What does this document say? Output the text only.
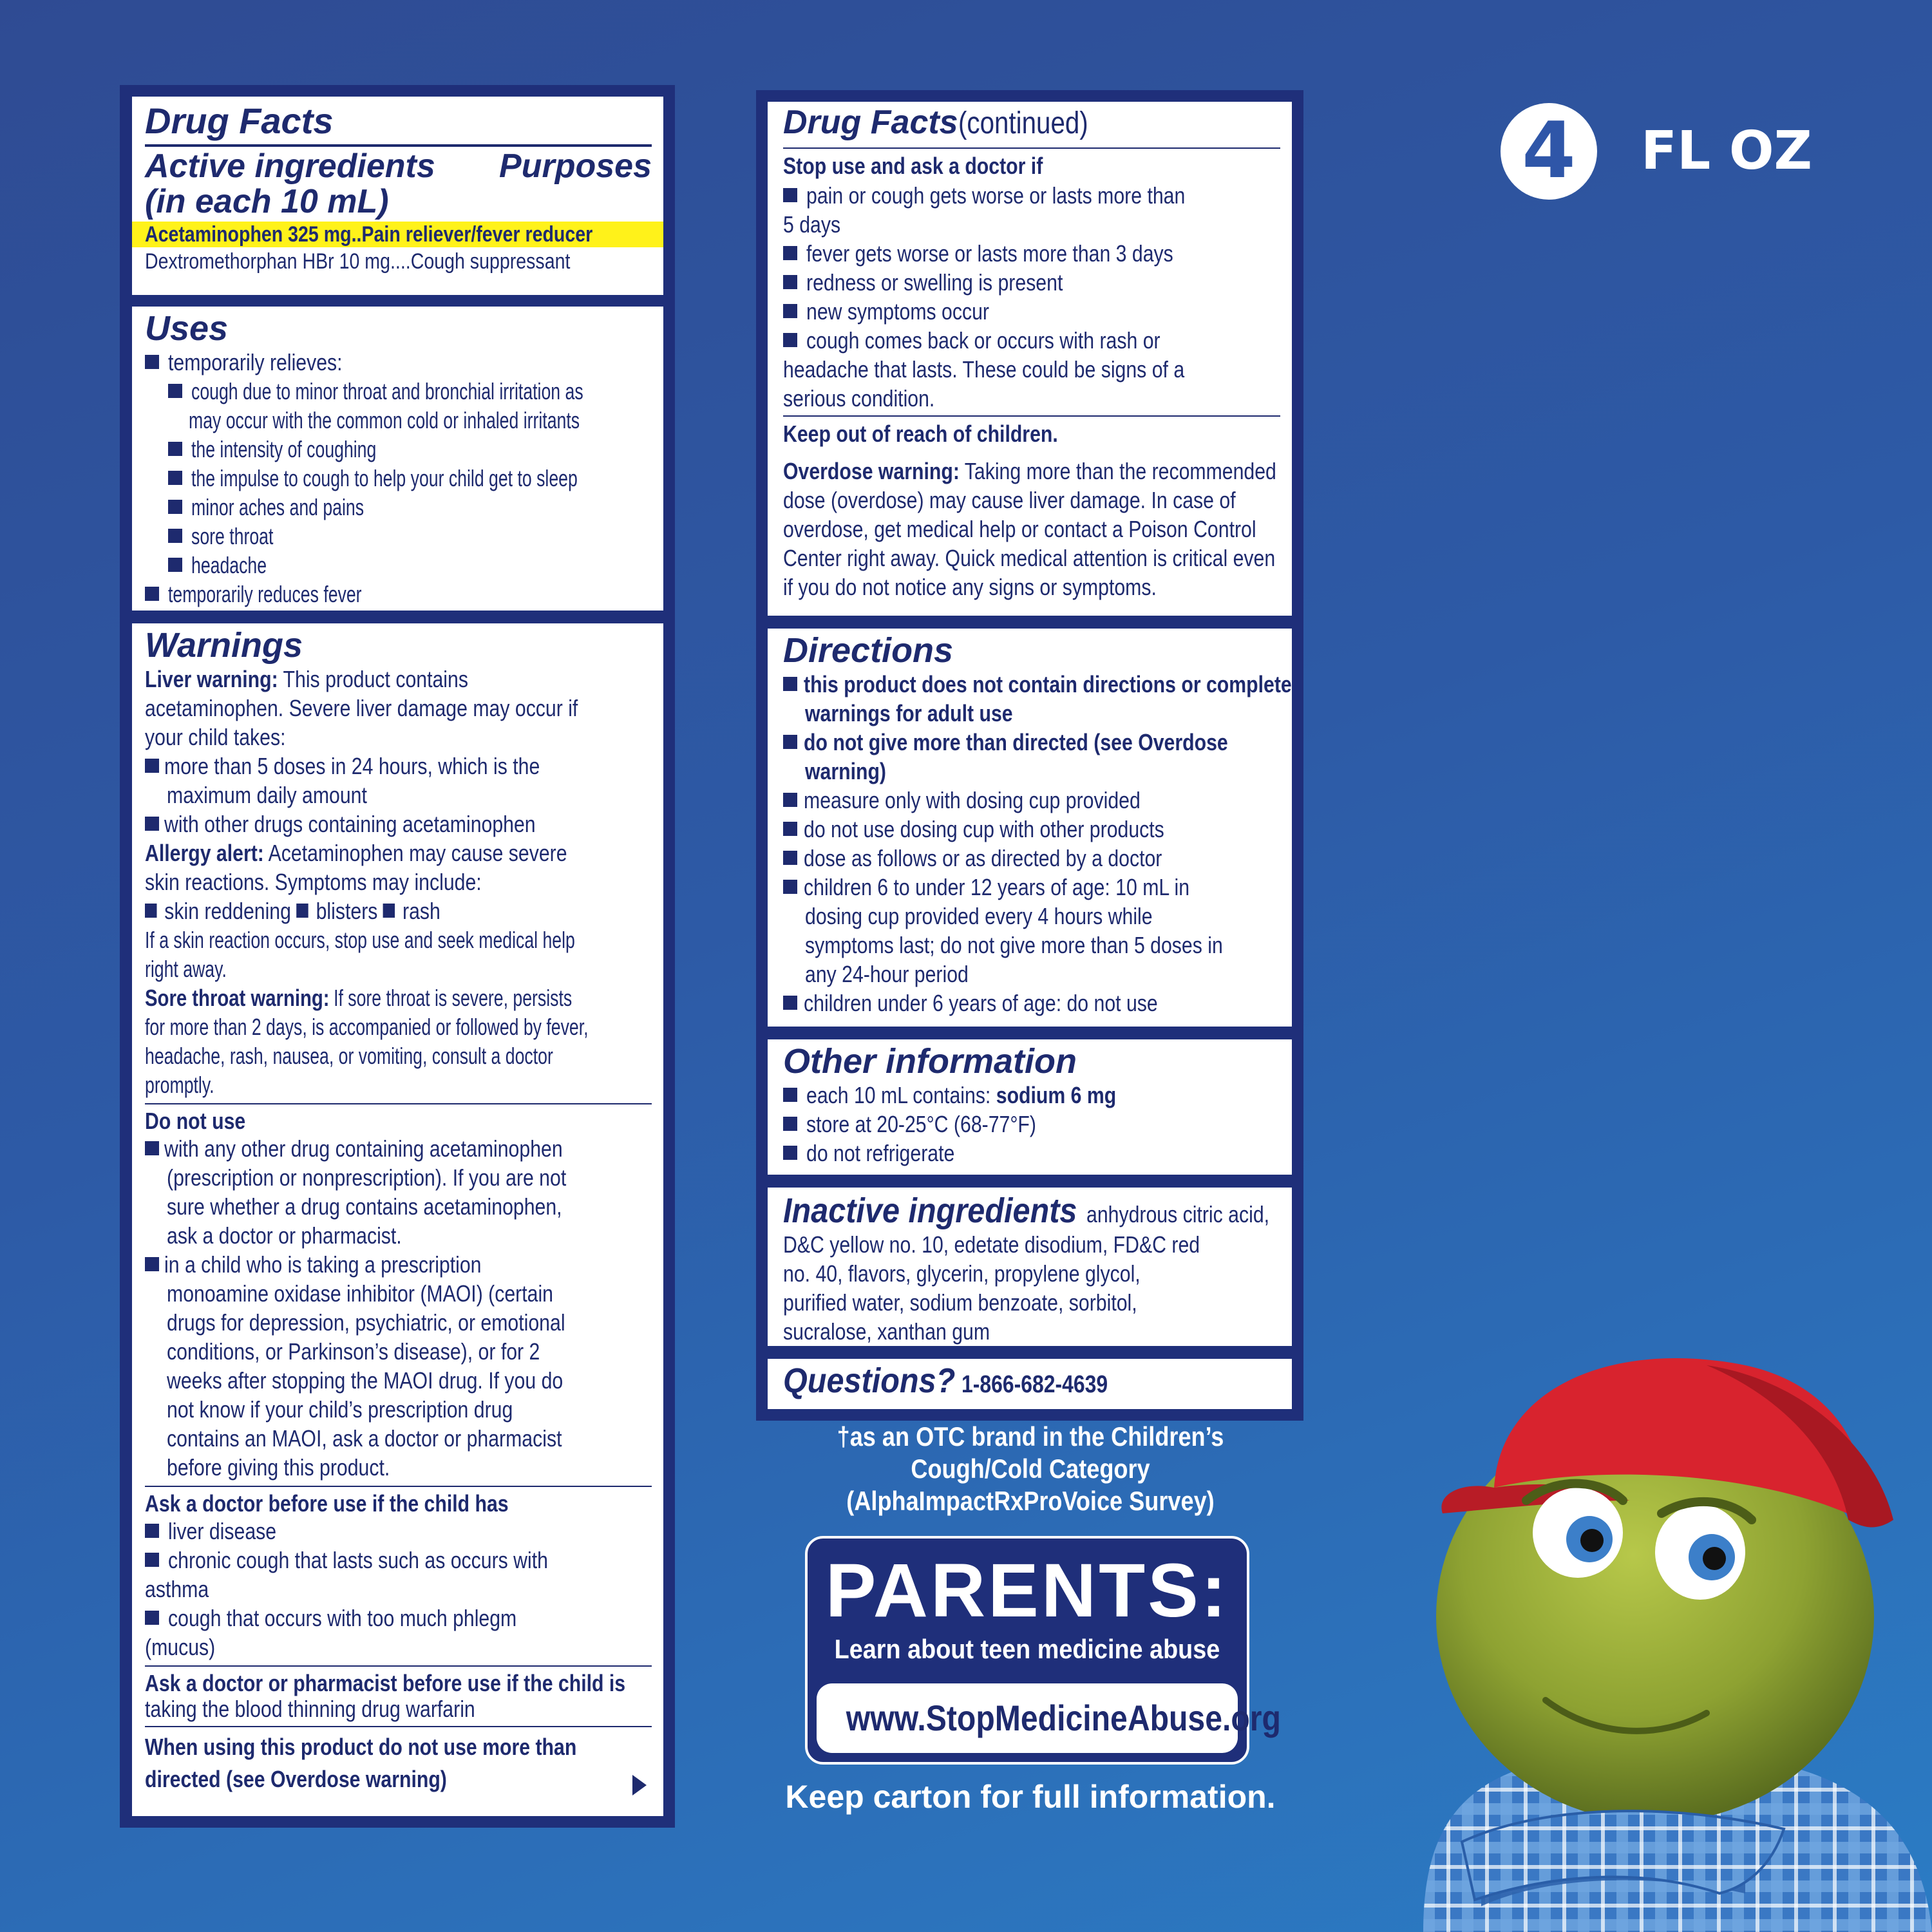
4	FL OZ
Drug Facts
Active ingredients
(in each 10 mL)
Purposes
Acetaminophen 325 mg..Pain reliever/fever reducer
Dextromethorphan HBr 10 mg....Cough suppressant
Uses
temporarily relieves:
cough due to minor throat and bronchial irritation as
may occur with the common cold or inhaled irritants
the intensity of coughing
the impulse to cough to help your child get to sleep
minor aches and pains
sore throat
headache
temporarily reduces fever
Warnings
Liver warning: This product contains
acetaminophen. Severe liver damage may occur if
your child takes:
more than 5 doses in 24 hours, which is the
maximum daily amount
with other drugs containing acetaminophen
Allergy alert: Acetaminophen may cause severe
skin reactions. Symptoms may include:
skin reddening blisters rash
If a skin reaction occurs, stop use and seek medical help
right away.
Sore throat warning: If sore throat is severe, persists
for more than 2 days, is accompanied or followed by fever,
headache, rash, nausea, or vomiting, consult a doctor
promptly.
Do not use
with any other drug containing acetaminophen
(prescription or nonprescription). If you are not
sure whether a drug contains acetaminophen,
ask a doctor or pharmacist.
in a child who is taking a prescription
monoamine oxidase inhibitor (MAOI) (certain
drugs for depression, psychiatric, or emotional
conditions, or Parkinson’s disease), or for 2
weeks after stopping the MAOI drug. If you do
not know if your child’s prescription drug
contains an MAOI, ask a doctor or pharmacist
before giving this product.
Ask a doctor before use if the child has
liver disease
chronic cough that lasts such as occurs with
asthma
cough that occurs with too much phlegm
(mucus)
Ask a doctor or pharmacist before use if the child is
taking the blood thinning drug warfarin
When using this product do not use more than
directed (see Overdose warning)
Drug Facts(continued)
Stop use and ask a doctor if
pain or cough gets worse or lasts more than
5 days
fever gets worse or lasts more than 3 days
redness or swelling is present
new symptoms occur
cough comes back or occurs with rash or
headache that lasts. These could be signs of a
serious condition.
Keep out of reach of children.
Overdose warning: Taking more than the recommended
dose (overdose) may cause liver damage. In case of
overdose, get medical help or contact a Poison Control
Center right away. Quick medical attention is critical even
if you do not notice any signs or symptoms.
Directions
this product does not contain directions or complete
warnings for adult use
do not give more than directed (see Overdose
warning)
measure only with dosing cup provided
do not use dosing cup with other products
dose as follows or as directed by a doctor
children 6 to under 12 years of age: 10 mL in
dosing cup provided every 4 hours while
symptoms last; do not give more than 5 doses in
any 24-hour period
children under 6 years of age: do not use
Other information
each 10 mL contains: sodium 6 mg
store at 20-25°C (68-77°F)
do not refrigerate
Inactive ingredientsanhydrous citric acid,
D&C yellow no. 10, edetate disodium, FD&C red
no. 40, flavors, glycerin, propylene glycol,
purified water, sodium benzoate, sorbitol,
sucralose, xanthan gum
Questions?1-866-682-4639
†as an OTC brand in the Children’s
Cough/Cold Category
(AlphaImpactRxProVoice Survey)
PARENTS:
Learn about teen medicine abuse
www.StopMedicineAbuse.org
Keep carton for full information.
